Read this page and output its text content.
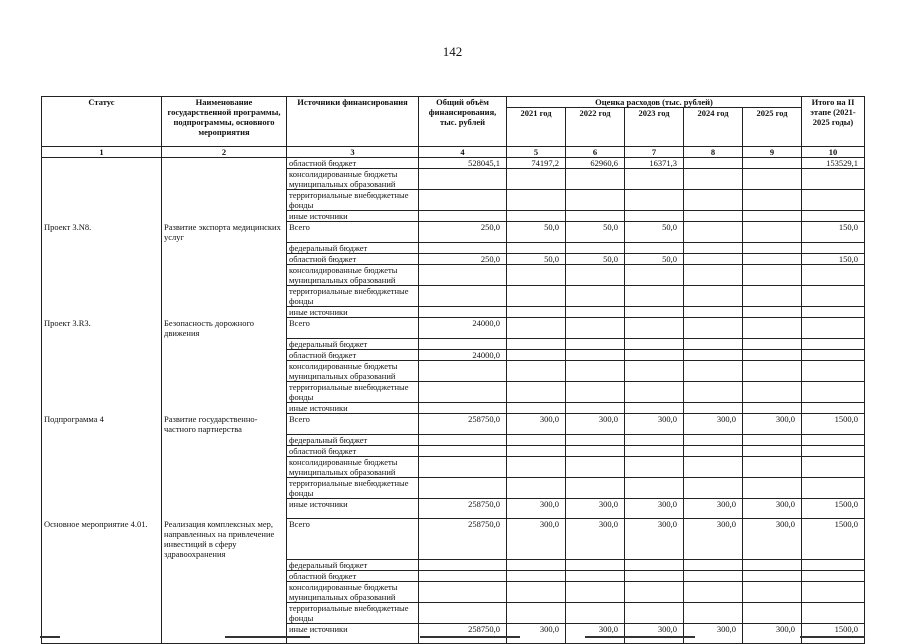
142
Статус	Наименование государственной программы, подпрограммы, основного мероприятия	Источники финансирования	Общий объём финансирования, тыс. рублей	Оценка расходов (тыс. рублей)					Итого на II этапе (2021-2025 годы)
				2021 год	2022 год	2023 год	2024 год	2025 год	
1	2	3	4	5	6	7	8	9	10
		областной бюджет	528045,1	74197,2	62960,6	16371,3			153529,1
		консолидированные бюджеты муниципальных образований							
		территориальные внебюджетные фонды							
		иные источники							
Проект 3.N8.	Развитие экспорта медицинских услуг	Всего	250,0	50,0	50,0	50,0			150,0
		федеральный бюджет							
		областной бюджет	250,0	50,0	50,0	50,0			150,0
		консолидированные бюджеты муниципальных образований							
		территориальные внебюджетные фонды							
		иные источники							
Проект 3.R3.	Безопасность дорожного движения	Всего	24000,0						
		федеральный бюджет							
		областной бюджет	24000,0						
		консолидированные бюджеты муниципальных образований							
		территориальные внебюджетные фонды							
		иные источники							
Подпрограмма 4	Развитие государственно-частного партнерства	Всего	258750,0	300,0	300,0	300,0	300,0	300,0	1500,0
		федеральный бюджет							
		областной бюджет							
		консолидированные бюджеты муниципальных образований							
		территориальные внебюджетные фонды							
		иные источники	258750,0	300,0	300,0	300,0	300,0	300,0	1500,0
Основное мероприятие 4.01.	Реализация комплексных мер, направленных на привлечение инвестиций в сферу здравоохранения	Всего	258750,0	300,0	300,0	300,0	300,0	300,0	1500,0
		федеральный бюджет							
		областной бюджет							
		консолидированные бюджеты муниципальных образований							
		территориальные внебюджетные фонды							
		иные источники	258750,0	300,0	300,0	300,0	300,0	300,0	1500,0
